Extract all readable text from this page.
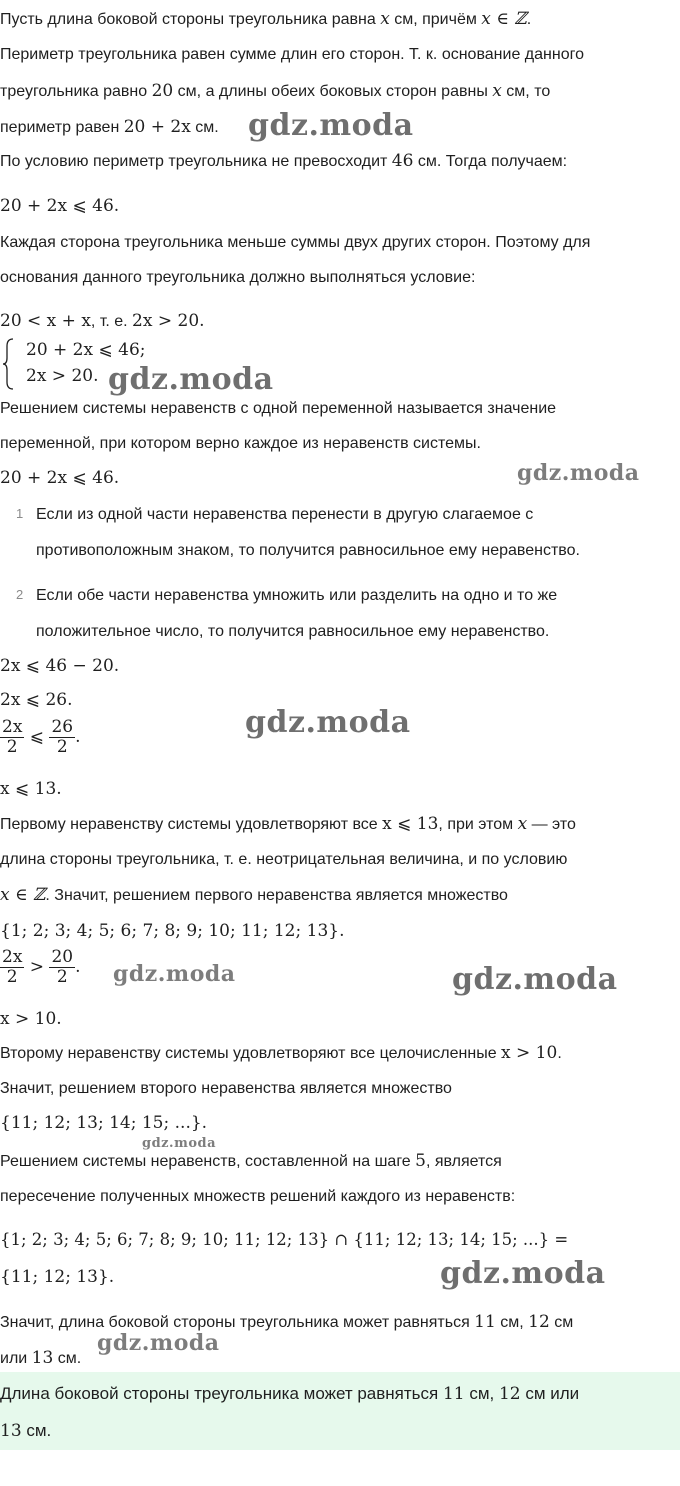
Пусть длина боковой стороны треугольника равна x см, причём x ∈ ℤ.
Периметр треугольника равен сумме длин его сторон. Т. к. основание данного
треугольника равно 20 см, а длины обеих боковых сторон равны x см, то
периметр равен 20 + 2x см.
По условию периметр треугольника не превосходит 46 см. Тогда получаем:
20 + 2x ⩽ 46.
Каждая сторона треугольника меньше суммы двух других сторон. Поэтому для
основания данного треугольника должно выполняться условие:
20 < x + x, т. е. 2x > 20.
20 + 2x ⩽ 46;
2x > 20.
Решением системы неравенств с одной переменной называется значение
переменной, при котором верно каждое из неравенств системы.
20 + 2x ⩽ 46.
1 Если из одной части неравенства перенести в другую слагаемое с
противоположным знаком, то получится равносильное ему неравенство.
2 Если обе части неравенства умножить или разделить на одно и то же
положительное число, то получится равносильное ему неравенство.
2x ⩽ 46 − 20.
2x ⩽ 26.
$\frac{2x}{2}$ ⩽ $\frac{26}{2}$ .
x ⩽ 13.
Первому неравенству системы удовлетворяют все x ⩽ 13, при этом x — это
длина стороны треугольника, т. е. неотрицательная величина, и по условию
x ∈ ℤ. Значит, решением первого неравенства является множество
{1; 2; 3; 4; 5; 6; 7; 8; 9; 10; 11; 12; 13}.
$\frac{2x}{2} > \frac{20}{2}$ .
x > 10.
Второму неравенству системы удовлетворяют все целочисленные x > 10.
Значит, решением второго неравенства является множество
{11; 12; 13; 14; 15; ...}.
Решением системы неравенств, составленной на шаге 5, является
пересечение полученных множеств решений каждого из неравенств:
{1; 2; 3; 4; 5; 6; 7; 8; 9; 10; 11; 12; 13} ∩ {11; 12; 13; 14; 15; ...} =
{11; 12; 13}.
Значит, длина боковой стороны треугольника может равняться 11 см, 12 см
или 13 см.
Длина боковой стороны треугольника может равняться 11 см, 12 см или
13 см.
gdz.moda
gdz.moda
gdz.moda
gdz.moda
gdz.moda	gdz.moda
gdz.moda
gdz.moda
gdz.moda
